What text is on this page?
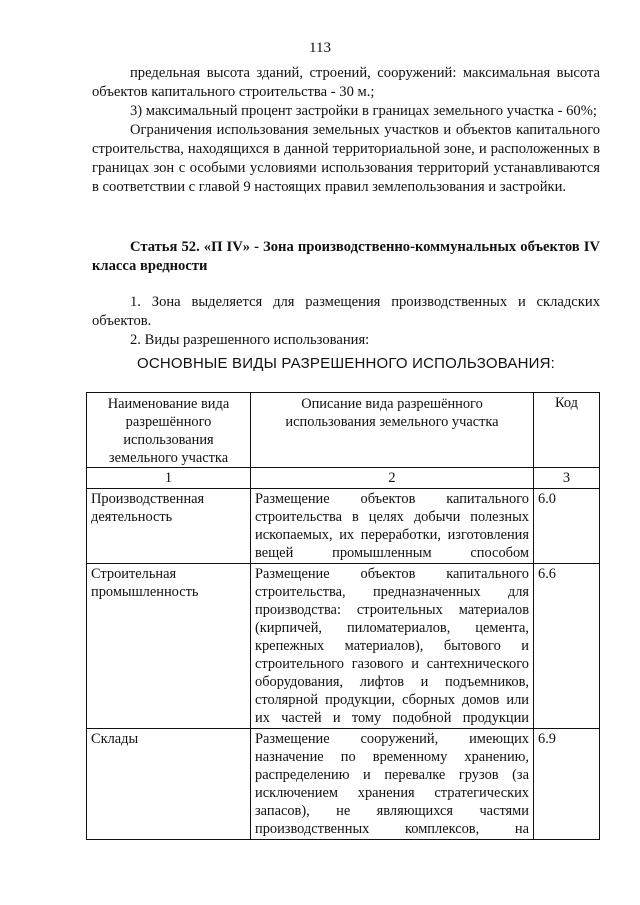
113

предельная высота зданий, строений, сооружений: максимальная высота объектов капитального строительства - 30 м.;

3) максимальный процент застройки в границах земельного участка - 60%;

Ограничения использования земельных участков и объектов капитального строительства, находящихся в данной территориальной зоне, и расположенных в границах зон с особыми условиями использования территорий устанавливаются в соответствии с главой 9 настоящих правил землепользования и застройки.

Статья 52. «П IV» - Зона производственно-коммунальных объектов IV класса вредности

1. Зона выделяется для размещения производственных и складских объектов.

2. Виды разрешенного использования:

ОСНОВНЫЕ ВИДЫ РАЗРЕШЕННОГО ИСПОЛЬЗОВАНИЯ:
Наименование вида разрешённого использования земельного участка	Описание вида разрешённого использования земельного участка	Код
1	2	3
Производственная деятельность	Размещение объектов капитального строительства в целях добычи полезных ископаемых, их переработки, изготовления вещей промышленным способом	6.0
Строительная промышленность	Размещение объектов капитального строительства, предназначенных для производства: строительных материалов (кирпичей, пиломатериалов, цемента, крепежных материалов), бытового и строительного газового и сантехнического оборудования, лифтов и подъемников, столярной продукции, сборных домов или их частей и тому подобной продукции	6.6
Склады	Размещение сооружений, имеющих назначение по временному хранению, распределению и перевалке грузов (за исключением хранения стратегических запасов), не являющихся частями производственных комплексов, на	6.9
